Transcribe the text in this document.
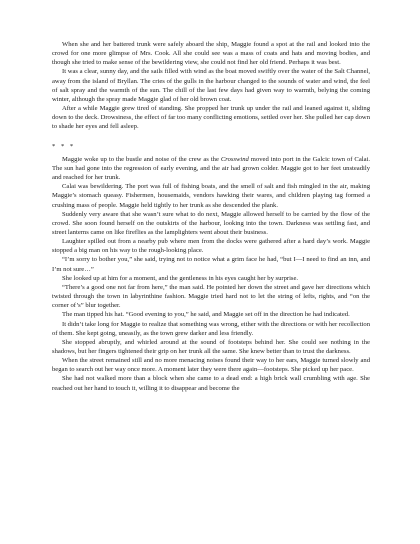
When she and her battered trunk were safely aboard the ship, Maggie found a spot at the rail and looked into the crowd for one more glimpse of Mrs. Cook. All she could see was a mass of coats and hats and moving bodies, and though she tried to make sense of the bewildering view, she could not find her old friend. Perhaps it was best.

It was a clear, sunny day, and the sails filled with wind as the boat moved swiftly over the water of the Salt Channel, away from the island of Bryllan. The cries of the gulls in the harbour changed to the sounds of water and wind, the feel of salt spray and the warmth of the sun. The chill of the last few days had given way to warmth, belying the coming winter, although the spray made Maggie glad of her old brown coat.

After a while Maggie grew tired of standing. She propped her trunk up under the rail and leaned against it, sliding down to the deck. Drowsiness, the effect of far too many conflicting emotions, settled over her. She pulled her cap down to shade her eyes and fell asleep.

* * *

Maggie woke up to the bustle and noise of the crew as the Crosswind moved into port in the Galcic town of Calai. The sun had gone into the regression of early evening, and the air had grown colder. Maggie got to her feet unsteadily and reached for her trunk.

Calai was bewildering. The port was full of fishing boats, and the smell of salt and fish mingled in the air, making Maggie’s stomach queasy. Fishermen, housemaids, vendors hawking their wares, and children playing tag formed a crushing mass of people. Maggie held tightly to her trunk as she descended the plank.

Suddenly very aware that she wasn’t sure what to do next, Maggie allowed herself to be carried by the flow of the crowd. She soon found herself on the outskirts of the harbour, looking into the town. Darkness was settling fast, and street lanterns came on like fireflies as the lamplighters went about their business.

Laughter spilled out from a nearby pub where men from the docks were gathered after a hard day’s work. Maggie stopped a big man on his way to the rough-looking place.

“I’m sorry to bother you,” she said, trying not to notice what a grim face he had, “but I—I need to find an inn, and I’m not sure…”

She looked up at him for a moment, and the gentleness in his eyes caught her by surprise.

“There’s a good one not far from here,” the man said. He pointed her down the street and gave her directions which twisted through the town in labyrinthine fashion. Maggie tried hard not to let the string of lefts, rights, and “on the corner of’s” blur together.

The man tipped his hat. “Good evening to you,” he said, and Maggie set off in the direction he had indicated.

It didn’t take long for Maggie to realize that something was wrong, either with the directions or with her recollection of them. She kept going, uneasily, as the town grew darker and less friendly.

She stopped abruptly, and whirled around at the sound of footsteps behind her. She could see nothing in the shadows, but her fingers tightened their grip on her trunk all the same. She knew better than to trust the darkness.

When the street remained still and no more menacing noises found their way to her ears, Maggie turned slowly and began to search out her way once more. A moment later they were there again—footsteps. She picked up her pace.

She had not walked more than a block when she came to a dead end: a high brick wall crumbling with age. She reached out her hand to touch it, willing it to disappear and become the
